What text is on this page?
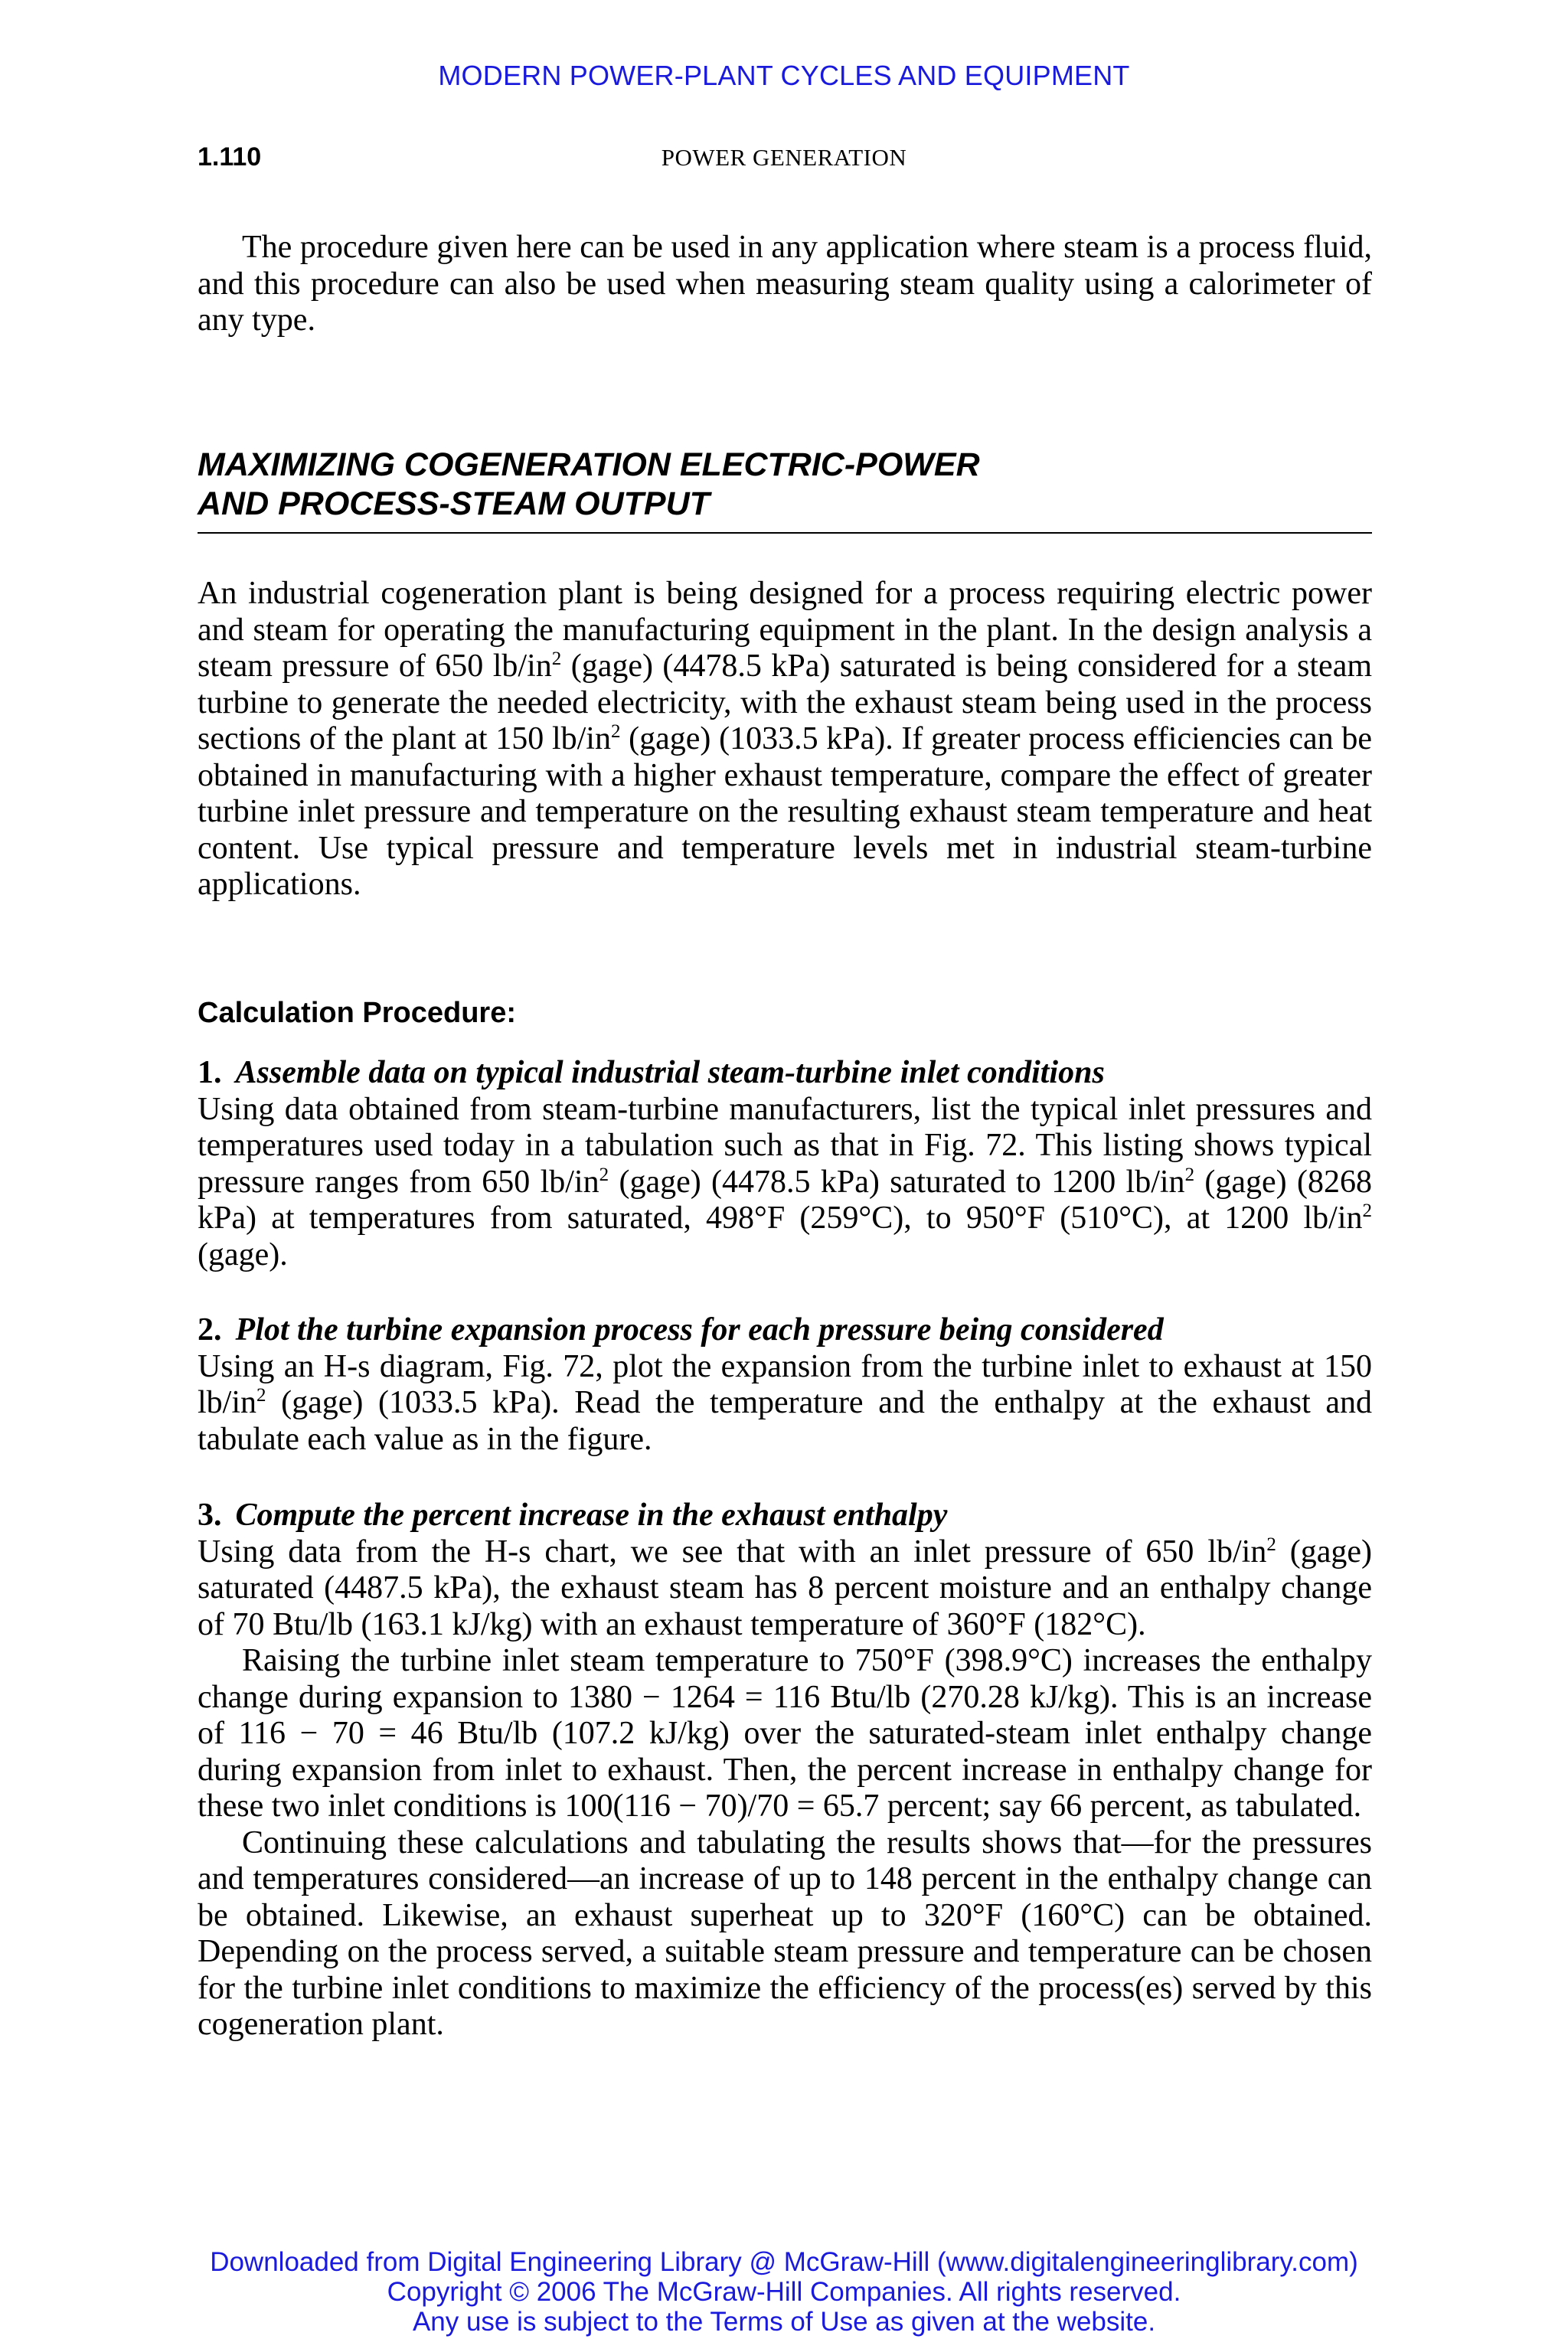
MODERN POWER-PLANT CYCLES AND EQUIPMENT
1.110	POWER GENERATION

The procedure given here can be used in any application where steam is a process fluid, and this procedure can also be used when measuring steam quality using a calorimeter of any type.

MAXIMIZING COGENERATION ELECTRIC-POWER
AND PROCESS-STEAM OUTPUT

An industrial cogeneration plant is being designed for a process requiring electric power and steam for operating the manufacturing equipment in the plant. In the design analysis a steam pressure of 650 $lb/in^2$ (gage) (4478.5 kPa) saturated is being considered for a steam turbine to generate the needed electricity, with the exhaust steam being used in the process sections of the plant at 150 $lb/in^2$ (gage) (1033.5 kPa). If greater process efficiencies can be obtained in manufacturing with a higher exhaust temperature, compare the effect of greater turbine inlet pressure and temperature on the resulting exhaust steam temperature and heat content. Use typical pressure and temperature levels met in industrial steam-turbine applications.

Calculation Procedure:

1. Assemble data on typical industrial steam-turbine inlet conditions

Using data obtained from steam-turbine manufacturers, list the typical inlet pressures and temperatures used today in a tabulation such as that in Fig. 72. This listing shows typical pressure ranges from 650 $lb/in^2$ (gage) (4478.5 kPa) saturated to 1200 $lb/in^2$ (gage) (8268 kPa) at temperatures from saturated, 498°F (259°C), to 950°F (510°C), at 1200 $lb/in^2$ (gage).

2. Plot the turbine expansion process for each pressure being considered

Using an H-s diagram, Fig. 72, plot the expansion from the turbine inlet to exhaust at 150 $lb/in^2$ (gage) (1033.5 kPa). Read the temperature and the enthalpy at the exhaust and tabulate each value as in the figure.

3. Compute the percent increase in the exhaust enthalpy

Using data from the H-s chart, we see that with an inlet pressure of 650 $lb/in^2$ (gage) saturated (4487.5 kPa), the exhaust steam has 8 percent moisture and an enthalpy change of 70 Btu/lb (163.1 kJ/kg) with an exhaust temperature of 360°F (182°C).

Raising the turbine inlet steam temperature to 750°F (398.9°C) increases the enthalpy change during expansion to 1380 − 1264 = 116 Btu/lb (270.28 kJ/kg). This is an increase of 116 − 70 = 46 Btu/lb (107.2 kJ/kg) over the saturated-steam inlet enthalpy change during expansion from inlet to exhaust. Then, the percent increase in enthalpy change for these two inlet conditions is 100(116 − 70)/70 = 65.7 percent; say 66 percent, as tabulated.

Continuing these calculations and tabulating the results shows that—for the pressures and temperatures considered—an increase of up to 148 percent in the enthalpy change can be obtained. Likewise, an exhaust superheat up to 320°F (160°C) can be obtained. Depending on the process served, a suitable steam pressure and temperature can be chosen for the turbine inlet conditions to maximize the efficiency of the process(es) served by this cogeneration plant.

Downloaded from Digital Engineering Library @ McGraw-Hill (www.digitalengineeringlibrary.com)
Copyright © 2006 The McGraw-Hill Companies. All rights reserved.
Any use is subject to the Terms of Use as given at the website.
